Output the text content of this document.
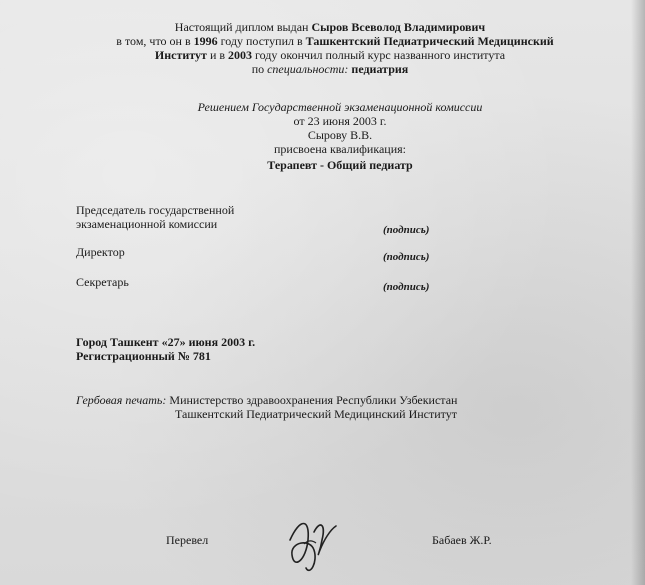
Настоящий диплом выдан Сыров Всеволод Владимирович
в том, что он в 1996 году поступил в Ташкентский Педиатрический Медицинский
Институт и в 2003 году окончил полный курс названного института
по специальности: педиатрия
Решением Государственной экзаменационной комиссии
от 23 июня 2003 г.
Сырову В.В.
присвоена квалификация:
Терапевт - Общий педиатр
Председатель государственной
экзаменационной комиссии	(подпись)
Директор	(подпись)
Секретарь	(подпись)
Город Ташкент «27» июня 2003 г.
Регистрационный № 781
Гербовая печать: Министерство здравоохранения Республики Узбекистан
Ташкентский Педиатрический Медицинский Институт
Перевел	Бабаев Ж.Р.
